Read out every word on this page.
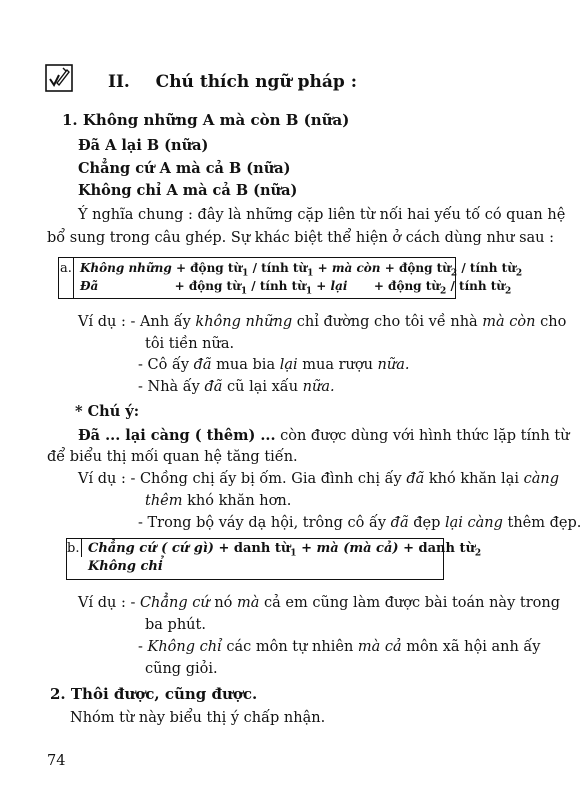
II. Chú thích ngữ pháp :
1. Không những A mà còn B (nữa)
Đã A lại B (nữa)
Chẳng cứ A mà cả B (nữa)
Không chỉ A mà cả B (nữa)
Ý nghĩa chung : đây là những cặp liên từ nối hai yếu tố có quan hệ
bổ sung trong câu ghép. Sự khác biệt thể hiện ở cách dùng như sau :
a. Không những + động từ$_1$ / tính từ$_1$ + mà còn + động từ$_2$ / tính từ$_2$
Đã	+ động từ$_1$ / tính từ$_1$ + lại + động từ$_2$ / tính từ$_2$
Ví dụ : - Anh ấy không những chỉ đường cho tôi về nhà mà còn cho
tôi tiền nữa.
- Cô ấy đã mua bia lại mua rượu nữa.
- Nhà ấy đã cũ lại xấu nữa.
* Chú ý:
Đã ... lại càng ( thêm) ... còn được dùng với hình thức lặp tính từ
để biểu thị mối quan hệ tăng tiến.
Ví dụ : - Chồng chị ấy bị ốm. Gia đình chị ấy đã khó khăn lại càng
thêm khó khăn hơn.
- Trong bộ váy dạ hội, trông cô ấy đã đẹp lại càng thêm đẹp.
b. Chẳng cứ ( cứ gì) + danh từ$_1$ + mà (mà cả) + danh từ$_2$
Không chỉ
Ví dụ : - Chẳng cứ nó mà cả em cũng làm được bài toán này trong
ba phút.
- Không chỉ các môn tự nhiên mà cả môn xã hội anh ấy
cũng giỏi.
2. Thôi được, cũng được.
Nhóm từ này biểu thị ý chấp nhận.
74
